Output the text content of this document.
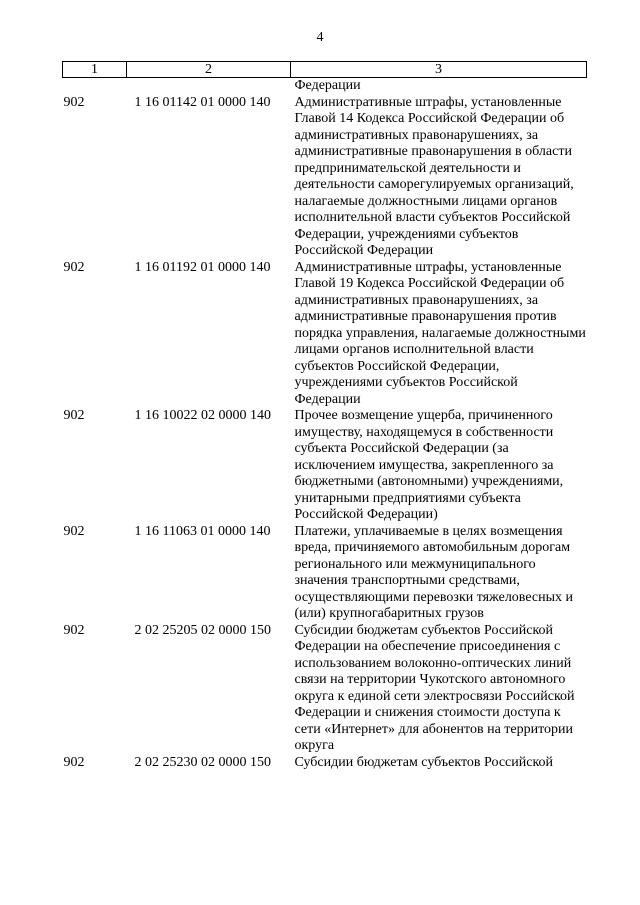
4
1	2	3
		Федерации
902	1 16 01142 01 0000 140	Административные штрафы, установленные Главой 14 Кодекса Российской Федерации об административных правонарушениях, за административные правонарушения в области предпринимательской деятельности и деятельности саморегулируемых организаций, налагаемые должностными лицами органов исполнительной власти субъектов Российской Федерации, учреждениями субъектов Российской Федерации
902	1 16 01192 01 0000 140	Административные штрафы, установленные Главой 19 Кодекса Российской Федерации об административных правонарушениях, за административные правонарушения против порядка управления, налагаемые должностными лицами органов исполнительной власти субъектов Российской Федерации, учреждениями субъектов Российской Федерации
902	1 16 10022 02 0000 140	Прочее возмещение ущерба, причиненного имуществу, находящемуся в собственности субъекта Российской Федерации (за исключением имущества, закрепленного за бюджетными (автономными) учреждениями, унитарными предприятиями субъекта Российской Федерации)
902	1 16 11063 01 0000 140	Платежи, уплачиваемые в целях возмещения вреда, причиняемого автомобильным дорогам регионального или межмуниципального значения транспортными средствами, осуществляющими перевозки тяжеловесных и (или) крупногабаритных грузов
902	2 02 25205 02 0000 150	Субсидии бюджетам субъектов Российской Федерации на обеспечение присоединения с использованием волоконно-оптических линий связи на территории Чукотского автономного округа к единой сети электросвязи Российской Федерации и снижения стоимости доступа к сети «Интернет» для абонентов на территории округа
902	2 02 25230 02 0000 150	Субсидии бюджетам субъектов Российской
